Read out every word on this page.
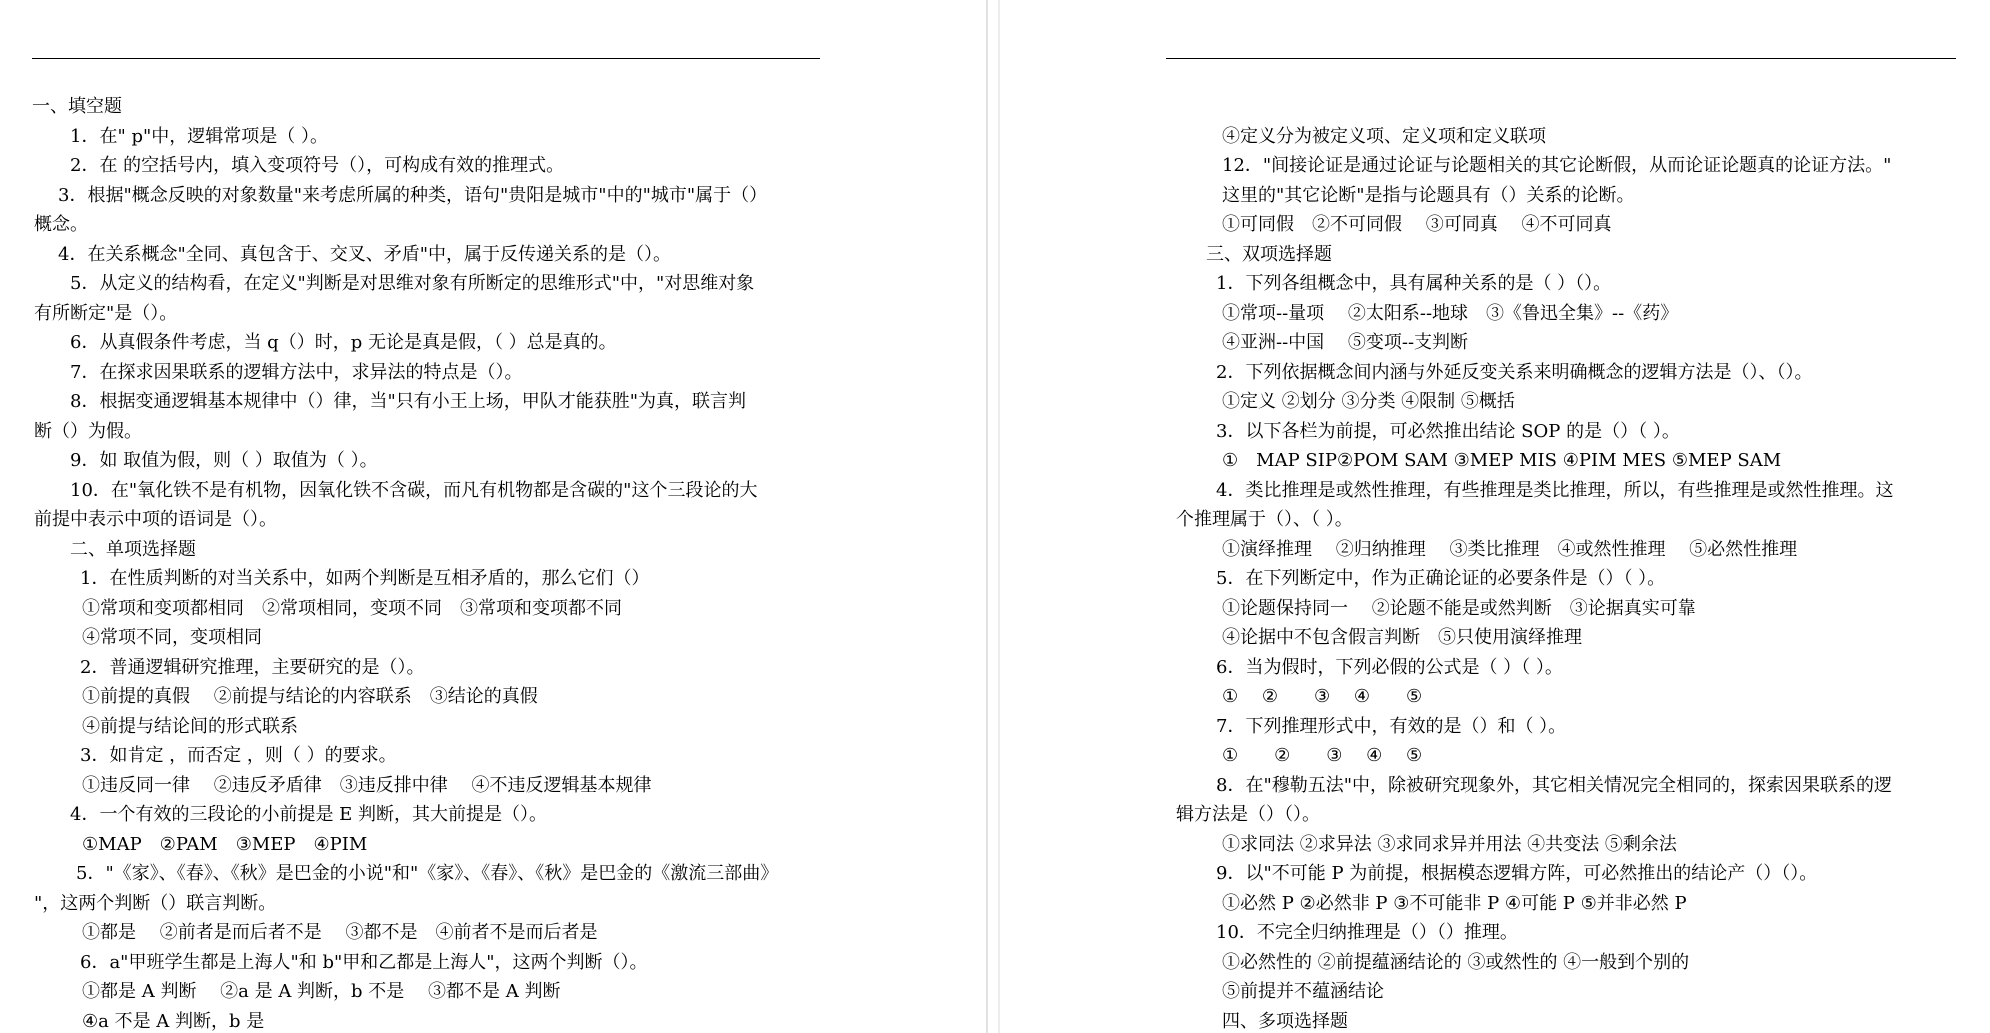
一、填空题
1．在" p"中，逻辑常项是（ ）。
2．在 的空括号内，填入变项符号（），可构成有效的推理式。
3．根据"概念反映的对象数量"来考虑所属的种类，语句"贵阳是城市"中的"城市"属于（）
概念。
4．在关系概念"全同、真包含于、交叉、矛盾"中，属于反传递关系的是（）。
5．从定义的结构看，在定义"判断是对思维对象有所断定的思维形式"中，"对思维对象
有所断定"是（）。
6．从真假条件考虑，当 q（）时，p 无论是真是假，（ ）总是真的。
7．在探求因果联系的逻辑方法中，求异法的特点是（）。
8．根据变通逻辑基本规律中（）律，当"只有小王上场，甲队才能获胜"为真，联言判
断（）为假。
9．如 取值为假，则（ ）取值为（ ）。
10．在"氧化铁不是有机物，因氧化铁不含碳，而凡有机物都是含碳的"这个三段论的大
前提中表示中项的语词是（）。
二、单项选择题
1．在性质判断的对当关系中，如两个判断是互相矛盾的，那么它们（）
①常项和变项都相同　②常项相同，变项不同　③常项和变项都不同
④常项不同，变项相同
2．普通逻辑研究推理，主要研究的是（）。
①前提的真假　 ②前提与结论的内容联系　③结论的真假
④前提与结论间的形式联系
3．如肯定 ，而否定 ，则（ ）的要求。
①违反同一律　 ②违反矛盾律　③违反排中律　 ④不违反逻辑基本规律
4．一个有效的三段论的小前提是 E 判断，其大前提是（）。
①MAP　②PAM　③MEP　④PIM
5．"《家》、《春》、《秋》是巴金的小说"和"《家》、《春》、《秋》是巴金的《激流三部曲》
"，这两个判断（）联言判断。
①都是　 ②前者是而后者不是　 ③都不是　④前者不是而后者是
6．a"甲班学生都是上海人"和 b"甲和乙都是上海人"，这两个判断（）。
①都是 A 判断　 ②a 是 A 判断，b 不是　 ③都不是 A 判断
④a 不是 A 判断，b 是
④定义分为被定义项、定义项和定义联项
12．"间接论证是通过论证与论题相关的其它论断假，从而论证论题真的论证方法。"
这里的"其它论断"是指与论题具有（）关系的论断。
①可同假　②不可同假　 ③可同真　 ④不可同真
三、双项选择题
1．下列各组概念中，具有属种关系的是（ ）（）。
①常项--量项　 ②太阳系--地球　③《鲁迅全集》--《药》
④亚洲--中国　 ⑤变项--支判断
2．下列依据概念间内涵与外延反变关系来明确概念的逻辑方法是（）、（）。
①定义 ②划分 ③分类 ④限制 ⑤概括
3．以下各栏为前提，可必然推出结论 SOP 的是（）（ ）。
①　MAP SIP②POM SAM ③MEP MIS ④PIM MES ⑤MEP SAM
4．类比推理是或然性推理，有些推理是类比推理，所以，有些推理是或然性推理。这
个推理属于（）、（ ）。
①演绎推理　 ②归纳推理　 ③类比推理　④或然性推理　 ⑤必然性推理
5．在下列断定中，作为正确论证的必要条件是（）（ ）。
①论题保持同一　 ②论题不能是或然判断　③论据真实可靠
④论据中不包含假言判断　⑤只使用演绎推理
6．当为假时，下列必假的公式是（ ）（ ）。
①　 ②　　③　 ④　　⑤
7．下列推理形式中，有效的是（）和（ ）。
①　　②　　③　 ④　 ⑤
8．在"穆勒五法"中，除被研究现象外，其它相关情况完全相同的，探索因果联系的逻
辑方法是（）（）。
①求同法 ②求异法 ③求同求异并用法 ④共变法 ⑤剩余法
9．以"不可能 P 为前提，根据模态逻辑方阵，可必然推出的结论产（）（）。
①必然 P ②必然非 P ③不可能非 P ④可能 P ⑤并非必然 P
10．不完全归纳推理是（）（）推理。
①必然性的 ②前提蕴涵结论的 ③或然性的 ④一般到个别的
⑤前提并不蕴涵结论
四、多项选择题
